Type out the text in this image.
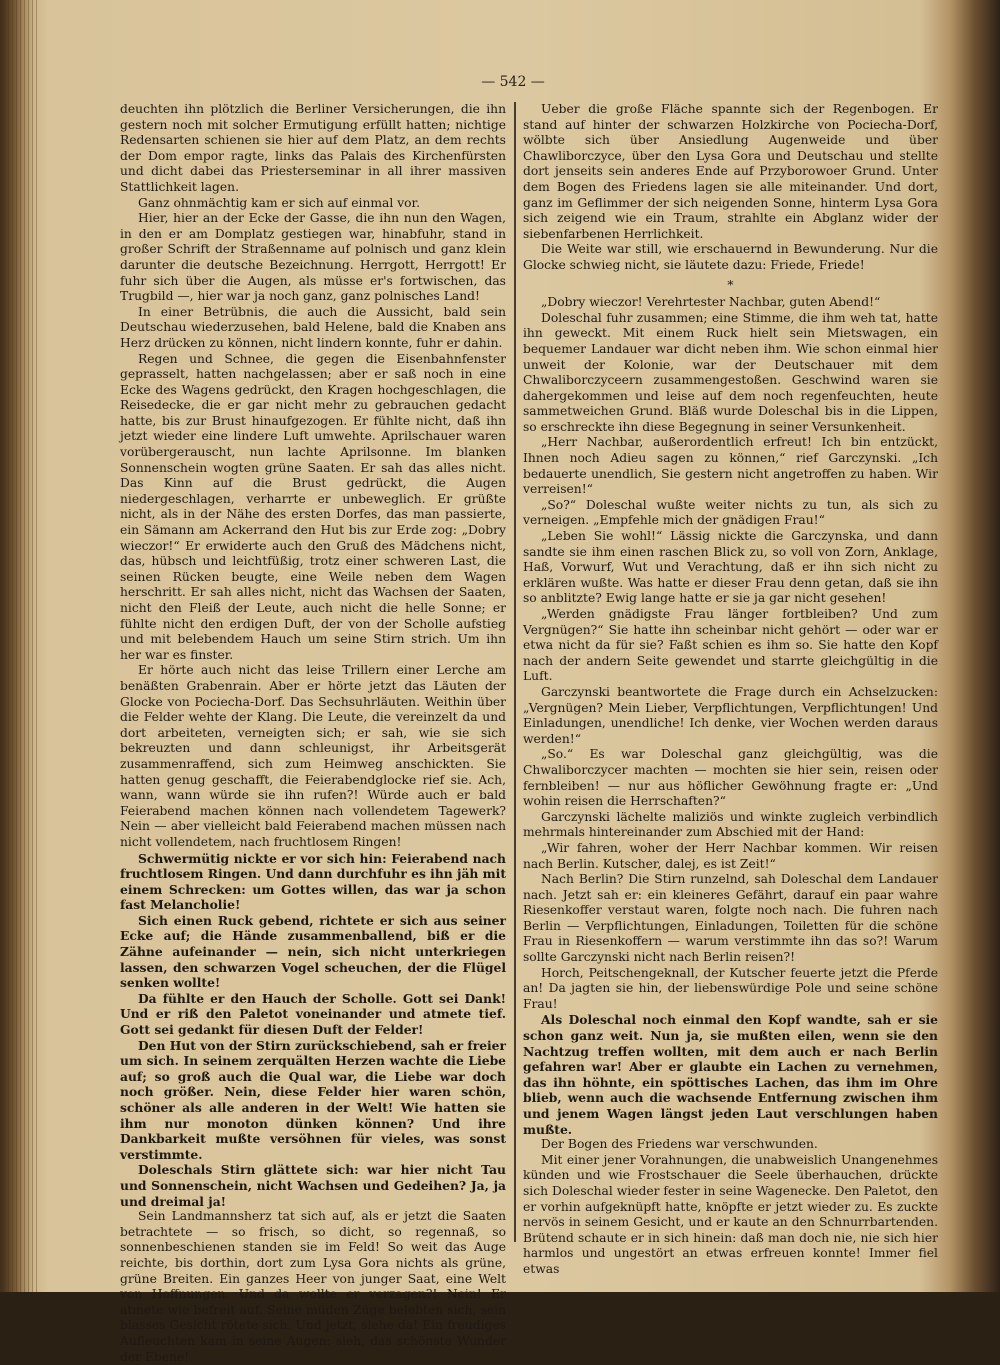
— 542 —

deuchten ihn plötzlich die Berliner Versicherungen, die ihn gestern noch mit solcher Ermutigung erfüllt hatten; nichtige Redensarten schienen sie hier auf dem Platz, an dem rechts der Dom empor ragte, links das Palais des Kirchenfürsten und dicht dabei das Priesterseminar in all ihrer massiven Stattlichkeit lagen.

Ganz ohnmächtig kam er sich auf einmal vor.

Hier, hier an der Ecke der Gasse, die ihn nun den Wagen, in den er am Domplatz gestiegen war, hinabfuhr, stand in großer Schrift der Straßenname auf polnisch und ganz klein darunter die deutsche Bezeichnung. Herrgott, Herrgott! Er fuhr sich über die Augen, als müsse er's fortwischen, das Trugbild —, hier war ja noch ganz, ganz polnisches Land!

In einer Betrübnis, die auch die Aussicht, bald sein Deutschau wiederzusehen, bald Helene, bald die Knaben ans Herz drücken zu können, nicht lindern konnte, fuhr er dahin.

Regen und Schnee, die gegen die Eisenbahnfenster geprasselt, hatten nachgelassen; aber er saß noch in eine Ecke des Wagens gedrückt, den Kragen hochgeschlagen, die Reisedecke, die er gar nicht mehr zu gebrauchen gedacht hatte, bis zur Brust hinaufgezogen. Er fühlte nicht, daß ihn jetzt wieder eine lindere Luft umwehte. Aprilschauer waren vorübergerauscht, nun lachte Aprilsonne. Im blanken Sonnenschein wogten grüne Saaten. Er sah das alles nicht. Das Kinn auf die Brust gedrückt, die Augen niedergeschlagen, verharrte er unbeweglich. Er grüßte nicht, als in der Nähe des ersten Dorfes, das man passierte, ein Sämann am Ackerrand den Hut bis zur Erde zog: „Dobry wieczor!“ Er erwiderte auch den Gruß des Mädchens nicht, das, hübsch und leichtfüßig, trotz einer schweren Last, die seinen Rücken beugte, eine Weile neben dem Wagen herschritt. Er sah alles nicht, nicht das Wachsen der Saaten, nicht den Fleiß der Leute, auch nicht die helle Sonne; er fühlte nicht den erdigen Duft, der von der Scholle aufstieg und mit belebendem Hauch um seine Stirn strich. Um ihn her war es finster.

Er hörte auch nicht das leise Trillern einer Lerche am benäßten Grabenrain. Aber er hörte jetzt das Läuten der Glocke von Pociecha-Dorf. Das Sechsuhrläuten. Weithin über die Felder wehte der Klang. Die Leute, die vereinzelt da und dort arbeiteten, verneigten sich; er sah, wie sie sich bekreuzten und dann schleunigst, ihr Arbeitsgerät zusammenraffend, sich zum Heimweg anschickten. Sie hatten genug geschafft, die Feierabendglocke rief sie. Ach, wann, wann würde sie ihn rufen?! Würde auch er bald Feierabend machen können nach vollendetem Tagewerk? Nein — aber vielleicht bald Feierabend machen müssen nach nicht vollendetem, nach fruchtlosem Ringen!

Schwermütig nickte er vor sich hin: Feierabend nach fruchtlosem Ringen. Und dann durchfuhr es ihn jäh mit einem Schrecken: um Gottes willen, das war ja schon fast Melancholie!

Sich einen Ruck gebend, richtete er sich aus seiner Ecke auf; die Hände zusammenballend, biß er die Zähne aufeinander — nein, sich nicht unterkriegen lassen, den schwarzen Vogel scheuchen, der die Flügel senken wollte!

Da fühlte er den Hauch der Scholle. Gott sei Dank! Und er riß den Paletot voneinander und atmete tief. Gott sei gedankt für diesen Duft der Felder!

Den Hut von der Stirn zurückschiebend, sah er freier um sich. In seinem zerquälten Herzen wachte die Liebe auf; so groß auch die Qual war, die Liebe war doch noch größer. Nein, diese Felder hier waren schön, schöner als alle anderen in der Welt! Wie hatten sie ihm nur monoton dünken können? Und ihre Dankbarkeit mußte versöhnen für vieles, was sonst verstimmte.

Doleschals Stirn glättete sich: war hier nicht Tau und Sonnenschein, nicht Wachsen und Gedeihen? Ja, ja und dreimal ja!

Sein Landmannsherz tat sich auf, als er jetzt die Saaten betrachtete — so frisch, so dicht, so regennaß, so sonnenbeschienen standen sie im Feld! So weit das Auge reichte, bis dorthin, dort zum Lysa Gora nichts als grüne, grüne Breiten. Ein ganzes Heer von junger Saat, eine Welt von Hoffnungen. Und da wollte er verzagen?! Nein! Er atmete wie befreit auf. Seine müden Züge belebten sich, sein blasses Gesicht rötete sich. Und jetzt, siehe da! Ein freudiges Aufleuchten kam in seine Augen: sieh, das schönste Wunder der Ebene!

Ueber die große Fläche spannte sich der Regenbogen. Er stand auf hinter der schwarzen Holzkirche von Pociecha-Dorf, wölbte sich über Ansiedlung Augenweide und über Chawliborczyce, über den Lysa Gora und Deutschau und stellte dort jenseits sein anderes Ende auf Przyborowoer Grund. Unter dem Bogen des Friedens lagen sie alle miteinander. Und dort, ganz im Geflimmer der sich neigenden Sonne, hinterm Lysa Gora sich zeigend wie ein Traum, strahlte ein Abglanz wider der siebenfarbenen Herrlichkeit.

Die Weite war still, wie erschauernd in Bewunderung. Nur die Glocke schwieg nicht, sie läutete dazu: Friede, Friede!

*

„Dobry wieczor! Verehrtester Nachbar, guten Abend!“

Doleschal fuhr zusammen; eine Stimme, die ihm weh tat, hatte ihn geweckt. Mit einem Ruck hielt sein Mietswagen, ein bequemer Landauer war dicht neben ihm. Wie schon einmal hier unweit der Kolonie, war der Deutschauer mit dem Chwaliborczyceern zusammengestoßen. Geschwind waren sie dahergekommen und leise auf dem noch regenfeuchten, heute sammetweichen Grund. Bläß wurde Doleschal bis in die Lippen, so erschreckte ihn diese Begegnung in seiner Versunkenheit.

„Herr Nachbar, außerordentlich erfreut! Ich bin entzückt, Ihnen noch Adieu sagen zu können,“ rief Garczynski. „Ich bedauerte unendlich, Sie gestern nicht angetroffen zu haben. Wir verreisen!“

„So?“ Doleschal wußte weiter nichts zu tun, als sich zu verneigen. „Empfehle mich der gnädigen Frau!“

„Leben Sie wohl!“ Lässig nickte die Garczynska, und dann sandte sie ihm einen raschen Blick zu, so voll von Zorn, Anklage, Haß, Vorwurf, Wut und Verachtung, daß er ihn sich nicht zu erklären wußte. Was hatte er dieser Frau denn getan, daß sie ihn so anblitzte? Ewig lange hatte er sie ja gar nicht gesehen!

„Werden gnädigste Frau länger fortbleiben? Und zum Vergnügen?“ Sie hatte ihn scheinbar nicht gehört — oder war er etwa nicht da für sie? Faßt schien es ihm so. Sie hatte den Kopf nach der andern Seite gewendet und starrte gleichgültig in die Luft.

Garczynski beantwortete die Frage durch ein Achselzucken: „Vergnügen? Mein Lieber, Verpflichtungen, Verpflichtungen! Und Einladungen, unendliche! Ich denke, vier Wochen werden daraus werden!“

„So.“ Es war Doleschal ganz gleichgültig, was die Chwaliborczycer machten — mochten sie hier sein, reisen oder fernbleiben! — nur aus höflicher Gewöhnung fragte er: „Und wohin reisen die Herrschaften?“

Garczynski lächelte maliziös und winkte zugleich verbindlich mehrmals hintereinander zum Abschied mit der Hand:

„Wir fahren, woher der Herr Nachbar kommen. Wir reisen nach Berlin. Kutscher, dalej, es ist Zeit!“

Nach Berlin? Die Stirn runzelnd, sah Doleschal dem Landauer nach. Jetzt sah er: ein kleineres Gefährt, darauf ein paar wahre Riesenkoffer verstaut waren, folgte noch nach. Die fuhren nach Berlin — Verpflichtungen, Einladungen, Toiletten für die schöne Frau in Riesenkoffern — warum verstimmte ihn das so?! Warum sollte Garczynski nicht nach Berlin reisen?!

Horch, Peitschengeknall, der Kutscher feuerte jetzt die Pferde an! Da jagten sie hin, der liebenswürdige Pole und seine schöne Frau!

Als Doleschal noch einmal den Kopf wandte, sah er sie schon ganz weit. Nun ja, sie mußten eilen, wenn sie den Nachtzug treffen wollten, mit dem auch er nach Berlin gefahren war! Aber er glaubte ein Lachen zu vernehmen, das ihn höhnte, ein spöttisches Lachen, das ihm im Ohre blieb, wenn auch die wachsende Entfernung zwischen ihm und jenem Wagen längst jeden Laut verschlungen haben mußte.

Der Bogen des Friedens war verschwunden.

Mit einer jener Vorahnungen, die unabweislich Unangenehmes künden und wie Frostschauer die Seele überhauchen, drückte sich Doleschal wieder fester in seine Wagenecke. Den Paletot, den er vorhin aufgeknüpft hatte, knöpfte er jetzt wieder zu. Es zuckte nervös in seinem Gesicht, und er kaute an den Schnurrbartenden. Brütend schaute er in sich hinein: daß man doch nie, nie sich hier harmlos und ungestört an etwas erfreuen konnte! Immer fiel etwas
